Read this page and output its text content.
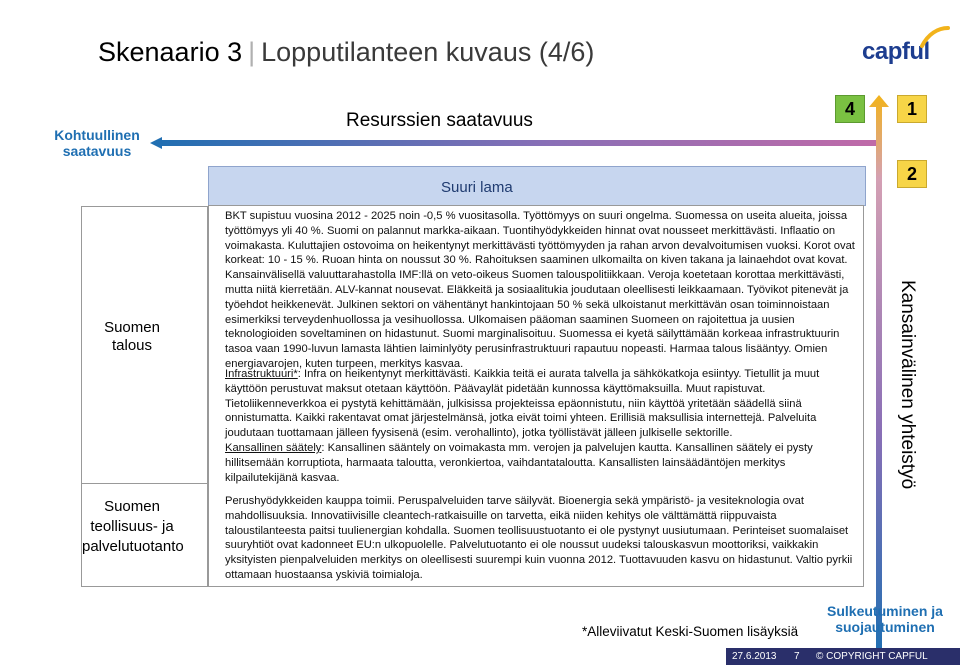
Skenaario 3 | Lopputilanteen kuvaus (4/6)	capful
Kohtuullinen saatavuus
Resurssien saatavuus
4	1
2
Kansainvälinen yhteistyö
Suomen talous
Suomen teollisuus- ja palvelutuotanto
Suuri lama
BKT supistuu vuosina 2012 - 2025 noin -0,5 % vuositasolla. Työttömyys on suuri ongelma. Suomessa on useita alueita, joissa työttömyys yli 40 %. Suomi on palannut markka-aikaan. Tuontihyödykkeiden hinnat ovat nousseet merkittävästi. Inflaatio on voimakasta. Kuluttajien ostovoima on heikentynyt merkittävästi työttömyyden ja rahan arvon devalvoitumisen vuoksi. Korot ovat korkeat: 10 - 15 %. Ruoan hinta on noussut 30 %. Rahoituksen saaminen ulkomailta on kiven takana ja lainaehdot ovat kovat. Kansainvälisellä valuuttarahastolla IMF:llä on veto-oikeus Suomen talouspolitiikkaan. Veroja koetetaan korottaa merkittävästi, mutta niitä kierretään. ALV-kannat nousevat. Eläkkeitä ja sosiaalitukia joudutaan oleellisesti leikkaamaan. Työvikot pitenevät ja työehdot heikkenevät. Julkinen sektori on vähentänyt hankintojaan 50 % sekä ulkoistanut merkittävän osan toiminnoistaan esimerkiksi terveydenhuollossa ja vesihuollossa. Ulkomaisen pääoman saaminen Suomeen on rajoitettua ja uusien teknologioiden soveltaminen on hidastunut. Suomi marginalisoituu. Suomessa ei kyetä säilyttämään korkeaa infrastruktuurin tasoa vaan 1990-luvun lamasta lähtien laiminlyöty perusinfrastruktuuri rapautuu nopeasti. Harmaa talous lisääntyy. Omien energiavarojen, kuten turpeen, merkitys kasvaa.
Infrastruktuuri*: Infra on heikentynyt merkittävästi. Kaikkia teitä ei aurata talvella ja sähkökatkoja esiintyy. Tietullit ja muut käyttöön perustuvat maksut otetaan käyttöön. Päävaylät pidetään kunnossa käyttömaksuilla. Muut rapistuvat. Tietoliikenneverkkoa ei pystytä kehittämään, julkisissa projekteissa epäonnistutu, niin käyttöä yritetään säädellä siinä onnistumatta. Kaikki rakentavat omat järjestelmänsä, jotka eivät toimi yhteen. Erillisiä maksullisia internettejä. Palveluita joudutaan tuottamaan jälleen fyysisenä (esim. verohallinto), jotka työllistävät jälleen julkiselle sektorille.
Kansallinen säätely: Kansallinen sääntely on voimakasta mm. verojen ja palvelujen kautta. Kansallinen säätely ei pysty hillitsemään korruptiota, harmaata taloutta, veronkiertoa, vaihdantataloutta. Kansallisten lainsäädäntöjen merkitys kilpailutekijänä kasvaa.
Perushyödykkeiden kauppa toimii. Peruspalveluiden tarve säilyvät. Bioenergia sekä ympäristö- ja vesiteknologia ovat mahdollisuuksia. Innovatiivisille cleantech-ratkaisuille on tarvetta, eikä niiden kehitys ole välttämättä riippuvaista taloustilanteesta paitsi tuulienergian kohdalla. Suomen teollisuustuotanto ei ole pystynyt uusiutumaan. Perinteiset suomalaiset suuryhtiöt ovat kadonneet EU:n ulkopuolelle. Palvelutuotanto ei ole noussut uudeksi talouskasvun moottoriksi, vaikkakin yksityisten pienpalveluiden merkitys on oleellisesti suurempi kuin vuonna 2012. Tuottavuuden kasvu on hidastunut. Valtio pyrkii ottamaan huostaansa yskiviä toimialoja.
*Alleviivatut Keski-Suomen lisäyksiä
Sulkeutuminen ja suojautuminen
27.6.2013 7 © COPYRIGHT CAPFUL
